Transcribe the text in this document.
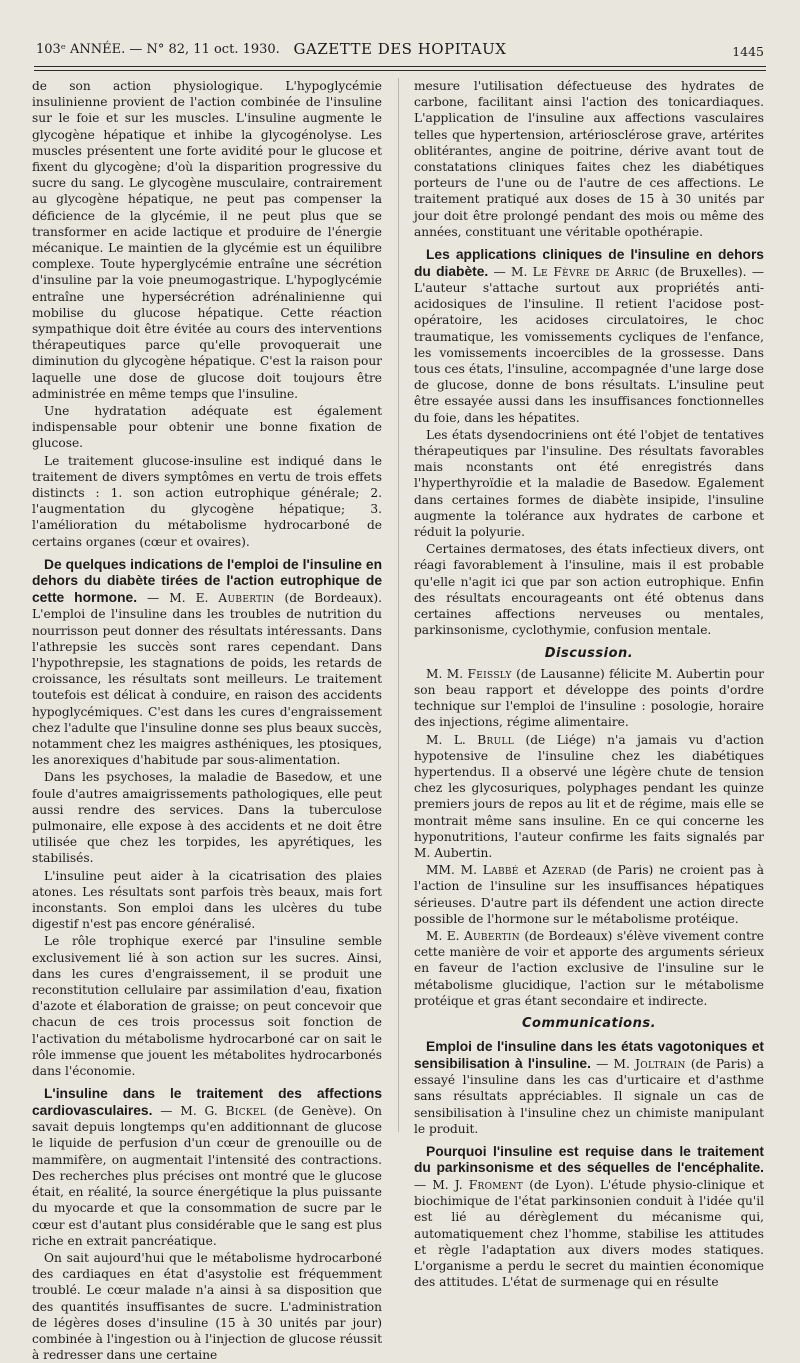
103ᵉ ANNÉE. — N° 82, 11 oct. 1930. GAZETTE DES HOPITAUX	1445

de son action physiologique. L'hypoglycémie insulinienne provient de l'action combinée de l'insuline sur le foie et sur les muscles. L'insuline augmente le glycogène hépatique et inhibe la glycogénolyse. Les muscles présentent une forte avidité pour le glucose et fixent du glycogène; d'où la disparition progressive du sucre du sang. Le glycogène musculaire, contrairement au glycogène hépatique, ne peut pas compenser la déficience de la glycémie, il ne peut plus que se transformer en acide lactique et produire de l'énergie mécanique. Le maintien de la glycémie est un équilibre complexe. Toute hyperglycémie entraîne une sécrétion d'insuline par la voie pneumogastrique. L'hypoglycémie entraîne une hypersécrétion adrénalinienne qui mobilise du glucose hépatique. Cette réaction sympathique doit être évitée au cours des interventions thérapeutiques parce qu'elle provoquerait une diminution du glycogène hépatique. C'est la raison pour laquelle une dose de glucose doit toujours être administrée en même temps que l'insuline.

Une hydratation adéquate est également indispensable pour obtenir une bonne fixation de glucose.

Le traitement glucose-insuline est indiqué dans le traitement de divers symptômes en vertu de trois effets distincts : 1. son action eutrophique générale; 2. l'augmentation du glycogène hépatique; 3. l'amélioration du métabolisme hydrocarboné de certains organes (cœur et ovaires).

De quelques indications de l'emploi de l'insuline en dehors du diabète tirées de l'action eutrophique de cette hormone. — M. E. Aubertin (de Bordeaux). L'emploi de l'insuline dans les troubles de nutrition du nourrisson peut donner des résultats intéressants. Dans l'athrepsie les succès sont rares cependant. Dans l'hypothrepsie, les stagnations de poids, les retards de croissance, les résultats sont meilleurs. Le traitement toutefois est délicat à conduire, en raison des accidents hypoglycémiques. C'est dans les cures d'engraissement chez l'adulte que l'insuline donne ses plus beaux succès, notamment chez les maigres asthéniques, les ptosiques, les anorexiques d'habitude par sous-alimentation.

Dans les psychoses, la maladie de Basedow, et une foule d'autres amaigrissements pathologiques, elle peut aussi rendre des services. Dans la tuberculose pulmonaire, elle expose à des accidents et ne doit être utilisée que chez les torpides, les apyrétiques, les stabilisés.

L'insuline peut aider à la cicatrisation des plaies atones. Les résultats sont parfois très beaux, mais fort inconstants. Son emploi dans les ulcères du tube digestif n'est pas encore généralisé.

Le rôle trophique exercé par l'insuline semble exclusivement lié à son action sur les sucres. Ainsi, dans les cures d'engraissement, il se produit une reconstitution cellulaire par assimilation d'eau, fixation d'azote et élaboration de graisse; on peut concevoir que chacun de ces trois processus soit fonction de l'activation du métabolisme hydrocarboné car on sait le rôle immense que jouent les métabolites hydrocarbonés dans l'économie.

L'insuline dans le traitement des affections cardiovasculaires. — M. G. Bickel (de Genève). On savait depuis longtemps qu'en additionnant de glucose le liquide de perfusion d'un cœur de grenouille ou de mammifère, on augmentait l'intensité des contractions. Des recherches plus précises ont montré que le glucose était, en réalité, la source énergétique la plus puissante du myocarde et que la consommation de sucre par le cœur est d'autant plus considérable que le sang est plus riche en extrait pancréatique.

On sait aujourd'hui que le métabolisme hydrocarboné des cardiaques en état d'asystolie est fréquemment troublé. Le cœur malade n'a ainsi à sa disposition que des quantités insuffisantes de sucre. L'administration de légères doses d'insuline (15 à 30 unités par jour) combinée à l'ingestion ou à l'injection de glucose réussit à redresser dans une certaine

mesure l'utilisation défectueuse des hydrates de carbone, facilitant ainsi l'action des tonicardiaques. L'application de l'insuline aux affections vasculaires telles que hypertension, artériosclérose grave, artérites oblitérantes, angine de poitrine, dérive avant tout de constatations cliniques faites chez les diabétiques porteurs de l'une ou de l'autre de ces affections. Le traitement pratiqué aux doses de 15 à 30 unités par jour doit être prolongé pendant des mois ou même des années, constituant une véritable opothérapie.

Les applications cliniques de l'insuline en dehors du diabète. — M. Le Fèvre de Arric (de Bruxelles). — L'auteur s'attache surtout aux propriétés anti-acidosiques de l'insuline. Il retient l'acidose post-opératoire, les acidoses circulatoires, le choc traumatique, les vomissements cycliques de l'enfance, les vomissements incoercibles de la grossesse. Dans tous ces états, l'insuline, accompagnée d'une large dose de glucose, donne de bons résultats. L'insuline peut être essayée aussi dans les insuffisances fonctionnelles du foie, dans les hépatites.

Les états dysendocriniens ont été l'objet de tentatives thérapeutiques par l'insuline. Des résultats favorables mais nconstants ont été enregistrés dans l'hyperthyroïdie et la maladie de Basedow. Egalement dans certaines formes de diabète insipide, l'insuline augmente la tolérance aux hydrates de carbone et réduit la polyurie.

Certaines dermatoses, des états infectieux divers, ont réagi favorablement à l'insuline, mais il est probable qu'elle n'agit ici que par son action eutrophique. Enfin des résultats encourageants ont été obtenus dans certaines affections nerveuses ou mentales, parkinsonisme, cyclothymie, confusion mentale.

Discussion.

M. M. Feissly (de Lausanne) félicite M. Aubertin pour son beau rapport et développe des points d'ordre technique sur l'emploi de l'insuline : posologie, horaire des injections, régime alimentaire.

M. L. Brull (de Liége) n'a jamais vu d'action hypotensive de l'insuline chez les diabétiques hypertendus. Il a observé une légère chute de tension chez les glycosuriques, polyphages pendant les quinze premiers jours de repos au lit et de régime, mais elle se montrait même sans insuline. En ce qui concerne les hyponutritions, l'auteur confirme les faits signalés par M. Aubertin.

MM. M. Labbé et Azerad (de Paris) ne croient pas à l'action de l'insuline sur les insuffisances hépatiques sérieuses. D'autre part ils défendent une action directe possible de l'hormone sur le métabolisme protéique.

M. E. Aubertin (de Bordeaux) s'élève vivement contre cette manière de voir et apporte des arguments sérieux en faveur de l'action exclusive de l'insuline sur le métabolisme glucidique, l'action sur le métabolisme protéique et gras étant secondaire et indirecte.

Communications.

Emploi de l'insuline dans les états vagotoniques et sensibilisation à l'insuline. — M. Joltrain (de Paris) a essayé l'insuline dans les cas d'urticaire et d'asthme sans résultats appréciables. Il signale un cas de sensibilisation à l'insuline chez un chimiste manipulant le produit.
Pourquoi l'insuline est requise dans le traitement du parkinsonisme et des séquelles de l'encéphalite. — M. J. Froment (de Lyon). L'étude physio-clinique et biochimique de l'état parkinsonien conduit à l'idée qu'il est lié au dérèglement du mécanisme qui, automatiquement chez l'homme, stabilise les attitudes et règle l'adaptation aux divers modes statiques. L'organisme a perdu le secret du maintien économique des attitudes. L'état de surmenage qui en résulte
